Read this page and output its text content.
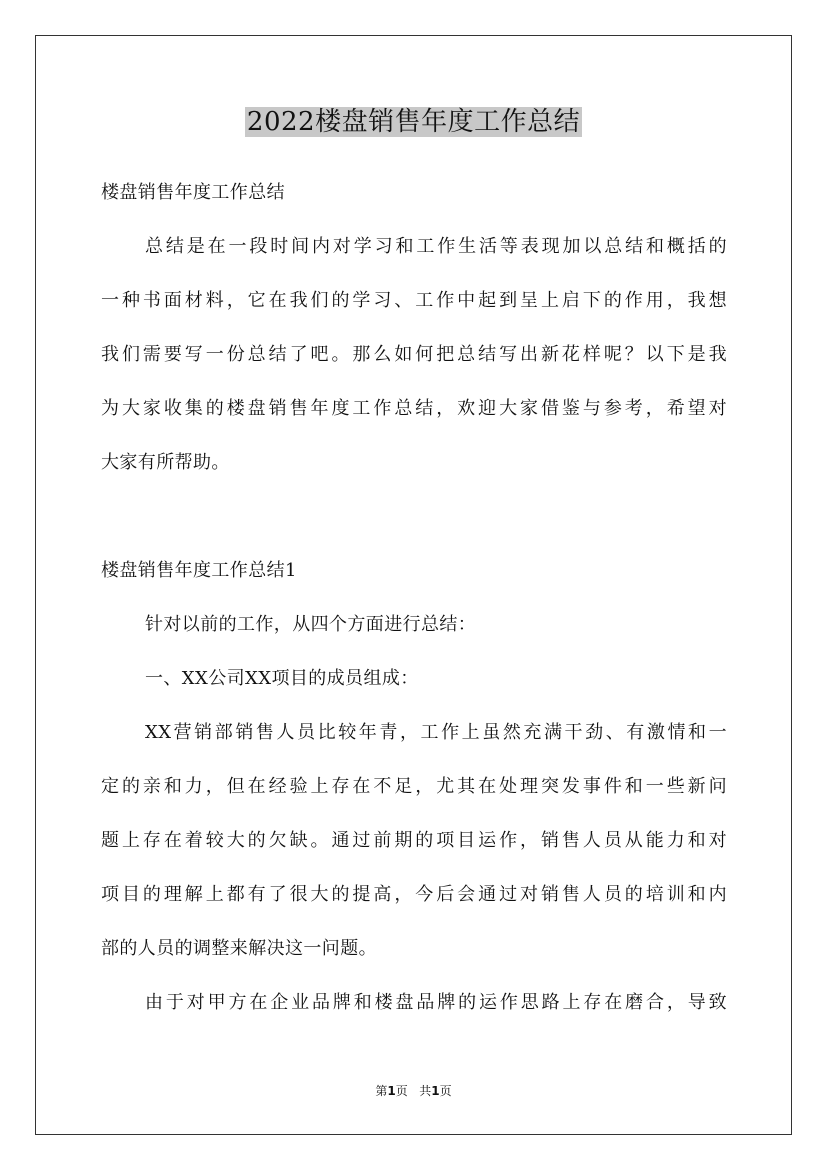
2022楼盘销售年度工作总结

楼盘销售年度工作总结

总结是在一段时间内对学习和工作生活等表现加以总结和概括的

一种书面材料，它在我们的学习、工作中起到呈上启下的作用，我想

我们需要写一份总结了吧。那么如何把总结写出新花样呢？以下是我

为大家收集的楼盘销售年度工作总结，欢迎大家借鉴与参考，希望对

大家有所帮助。

楼盘销售年度工作总结1

针对以前的工作，从四个方面进行总结：

一、XX公司XX项目的成员组成：

XX营销部销售人员比较年青，工作上虽然充满干劲、有激情和一

定的亲和力，但在经验上存在不足，尤其在处理突发事件和一些新问

题上存在着较大的欠缺。通过前期的项目运作，销售人员从能力和对

项目的理解上都有了很大的提高，今后会通过对销售人员的培训和内

部的人员的调整来解决这一问题。

由于对甲方在企业品牌和楼盘品牌的运作思路上存在磨合，导致

第1页 共1页
